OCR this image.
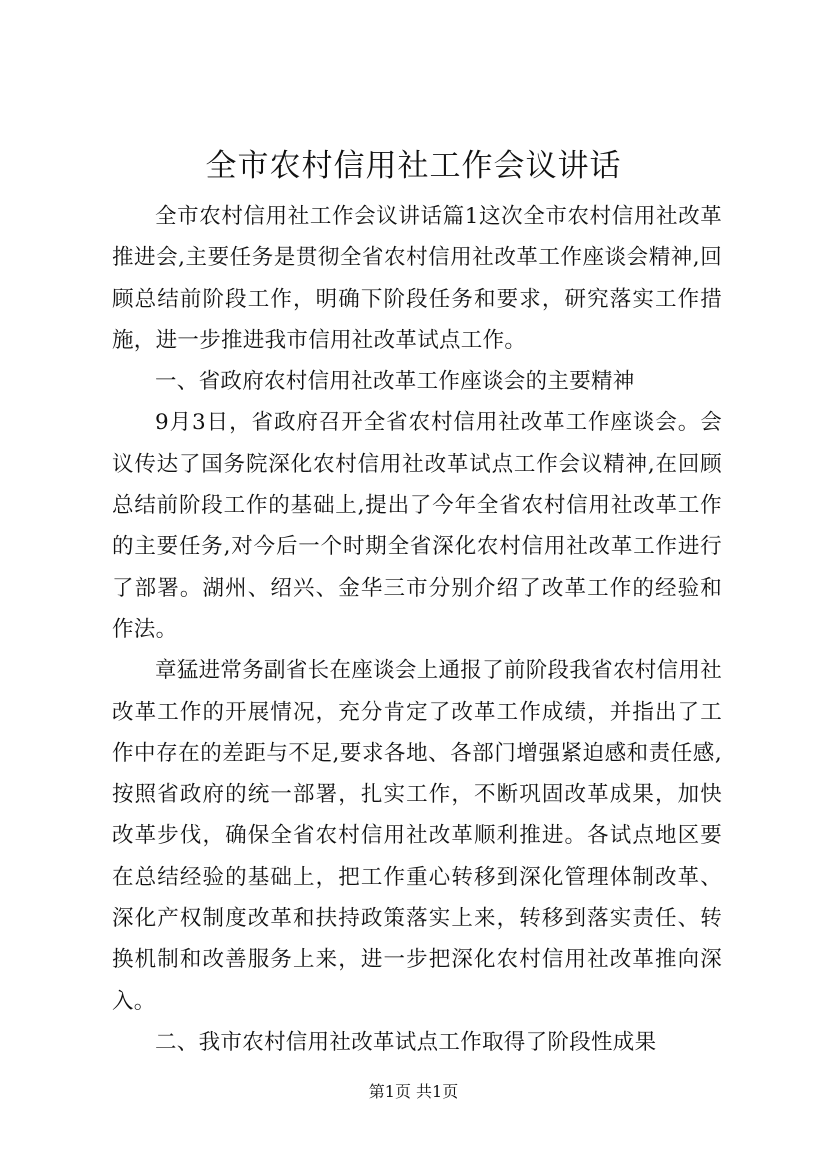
全市农村信用社工作会议讲话

全市农村信用社工作会议讲话篇1这次全市农村信用社改革推进会,主要任务是贯彻全省农村信用社改革工作座谈会精神,回顾总结前阶段工作，明确下阶段任务和要求，研究落实工作措施，进一步推进我市信用社改革试点工作。

一、省政府农村信用社改革工作座谈会的主要精神

9月3日，省政府召开全省农村信用社改革工作座谈会。会议传达了国务院深化农村信用社改革试点工作会议精神,在回顾总结前阶段工作的基础上,提出了今年全省农村信用社改革工作的主要任务,对今后一个时期全省深化农村信用社改革工作进行了部署。湖州、绍兴、金华三市分别介绍了改革工作的经验和作法。

章猛进常务副省长在座谈会上通报了前阶段我省农村信用社改革工作的开展情况，充分肯定了改革工作成绩，并指出了工作中存在的差距与不足,要求各地、各部门增强紧迫感和责任感,按照省政府的统一部署，扎实工作，不断巩固改革成果，加快改革步伐，确保全省农村信用社改革顺利推进。各试点地区要在总结经验的基础上，把工作重心转移到深化管理体制改革、深化产权制度改革和扶持政策落实上来，转移到落实责任、转换机制和改善服务上来，进一步把深化农村信用社改革推向深入。

二、我市农村信用社改革试点工作取得了阶段性成果

第1页 共1页
